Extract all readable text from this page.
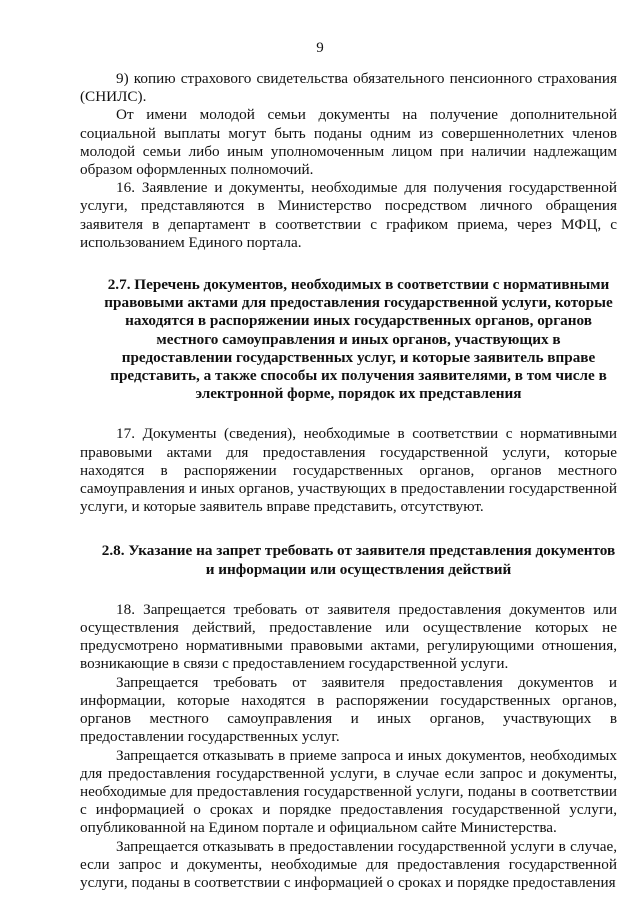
9

9) копию страхового свидетельства обязательного пенсионного страхования (СНИЛС).

От имени молодой семьи документы на получение дополнительной социальной выплаты могут быть поданы одним из совершеннолетних членов молодой семьи либо иным уполномоченным лицом при наличии надлежащим образом оформленных полномочий.

16. Заявление и документы, необходимые для получения государственной услуги, представляются в Министерство посредством личного обращения заявителя в департамент в соответствии с графиком приема, через МФЦ, с использованием Единого портала.

2.7. Перечень документов, необходимых в соответствии с нормативными правовыми актами для предоставления государственной услуги, которые находятся в распоряжении иных государственных органов, органов местного самоуправления и иных органов, участвующих в предоставлении государственных услуг, и которые заявитель вправе представить, а также способы их получения заявителями, в том числе в электронной форме, порядок их представления

17. Документы (сведения), необходимые в соответствии с нормативными правовыми актами для предоставления государственной услуги, которые находятся в распоряжении государственных органов, органов местного самоуправления и иных органов, участвующих в предоставлении государственной услуги, и которые заявитель вправе представить, отсутствуют.

2.8. Указание на запрет требовать от заявителя представления документов и информации или осуществления действий

18. Запрещается требовать от заявителя предоставления документов или осуществления действий, предоставление или осуществление которых не предусмотрено нормативными правовыми актами, регулирующими отношения, возникающие в связи с предоставлением государственной услуги.

Запрещается требовать от заявителя предоставления документов и информации, которые находятся в распоряжении государственных органов, органов местного самоуправления и иных органов, участвующих в предоставлении государственных услуг.

Запрещается отказывать в приеме запроса и иных документов, необходимых для предоставления государственной услуги, в случае если запрос и документы, необходимые для предоставления государственной услуги, поданы в соответствии с информацией о сроках и порядке предоставления государственной услуги, опубликованной на Едином портале и официальном сайте Министерства.

Запрещается отказывать в предоставлении государственной услуги в случае, если запрос и документы, необходимые для предоставления государственной услуги, поданы в соответствии с информацией о сроках и порядке предоставления
